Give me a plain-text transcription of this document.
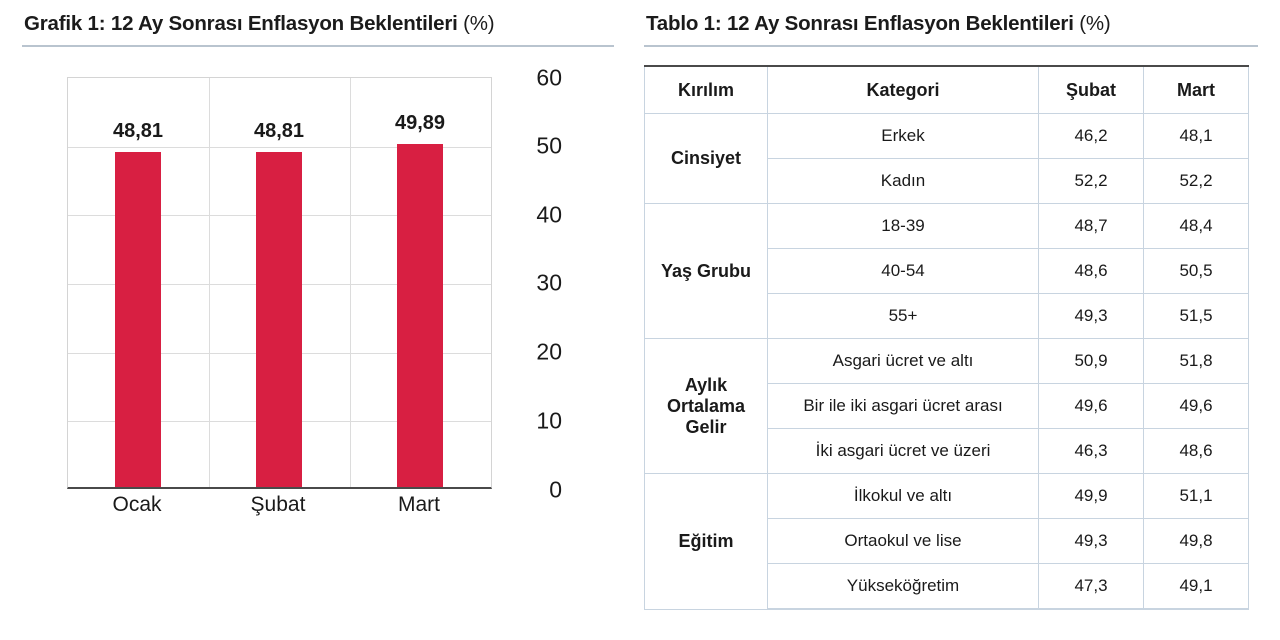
Grafik 1: 12 Ay Sonrası Enflasyon Beklentileri (%)
48,81	48,81	49,89
Ocak	Şubat	Mart
60
50
40
30
20
10
0
Tablo 1: 12 Ay Sonrası Enflasyon Beklentileri (%)
Kırılım	Kategori	Şubat	Mart
Cinsiyet	Erkek	46,2	48,1
	Kadın	52,2	52,2
Yaş Grubu	18-39	48,7	48,4
	40-54	48,6	50,5
	55+	49,3	51,5
Aylık Ortalama Gelir	Asgari ücret ve altı	50,9	51,8
	Bir ile iki asgari ücret arası	49,6	49,6
	İki asgari ücret ve üzeri	46,3	48,6
Eğitim	İlkokul ve altı	49,9	51,1
	Ortaokul ve lise	49,3	49,8
	Yükseköğretim	47,3	49,1
